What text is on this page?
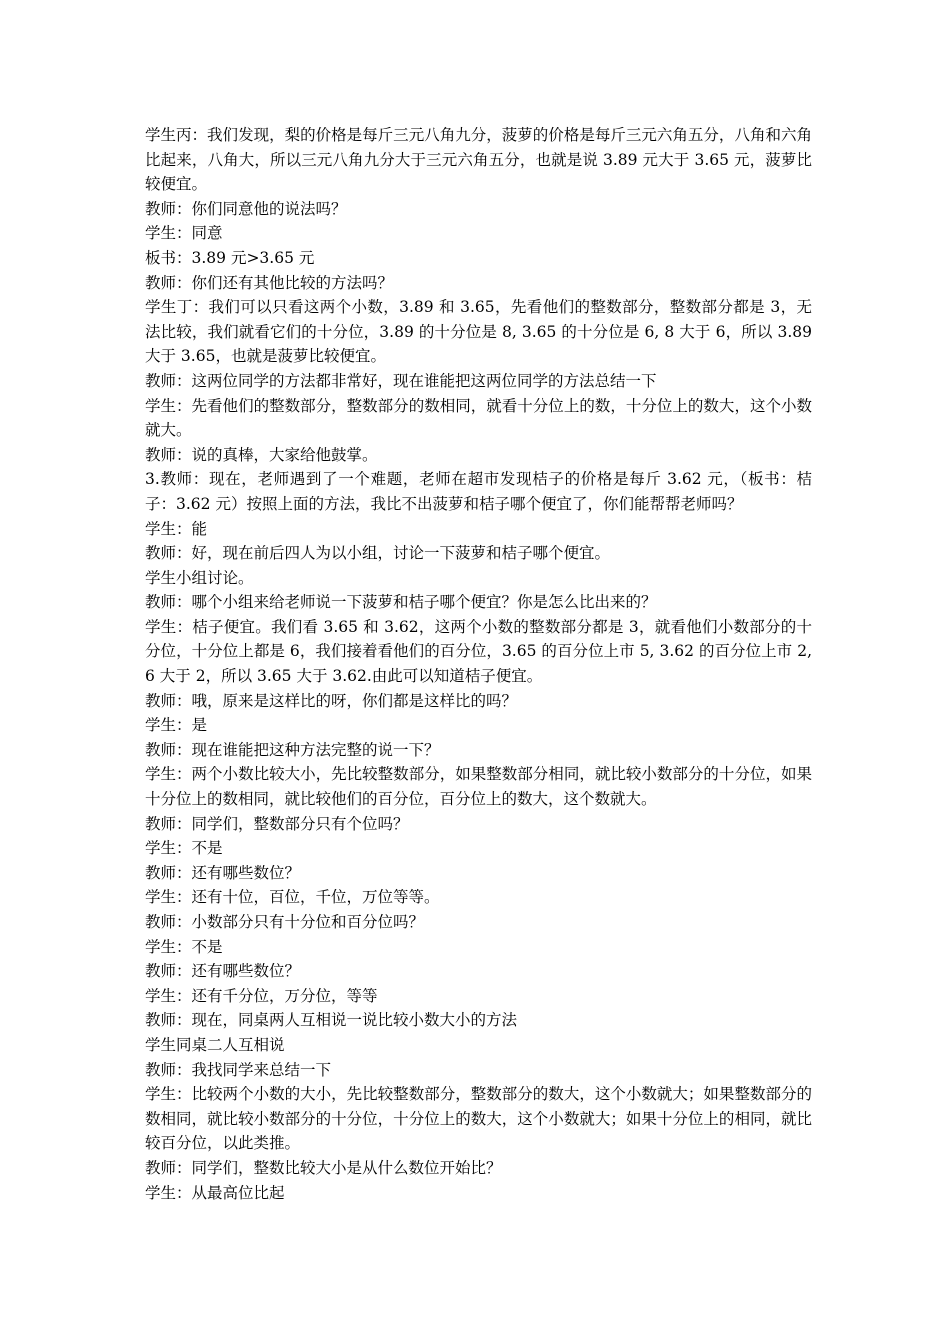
学生丙：我们发现，梨的价格是每斤三元八角九分，菠萝的价格是每斤三元六角五分，八角和六角比起来，八角大，所以三元八角九分大于三元六角五分，也就是说 3.89 元大于 3.65 元，菠萝比较便宜。

教师：你们同意他的说法吗？

学生：同意

板书：3.89 元>3.65 元

教师：你们还有其他比较的方法吗？

学生丁：我们可以只看这两个小数，3.89 和 3.65，先看他们的整数部分，整数部分都是 3，无法比较，我们就看它们的十分位，3.89 的十分位是 8, 3.65 的十分位是 6, 8 大于 6，所以 3.89 大于 3.65，也就是菠萝比较便宜。

教师：这两位同学的方法都非常好，现在谁能把这两位同学的方法总结一下

学生：先看他们的整数部分，整数部分的数相同，就看十分位上的数，十分位上的数大，这个小数就大。

教师：说的真棒，大家给他鼓掌。

3.教师：现在，老师遇到了一个难题，老师在超市发现桔子的价格是每斤 3.62 元，（板书：桔子：3.62 元）按照上面的方法，我比不出菠萝和桔子哪个便宜了，你们能帮帮老师吗？

学生：能

教师：好，现在前后四人为以小组，讨论一下菠萝和桔子哪个便宜。

学生小组讨论。

教师：哪个小组来给老师说一下菠萝和桔子哪个便宜？你是怎么比出来的？

学生：桔子便宜。我们看 3.65 和 3.62，这两个小数的整数部分都是 3，就看他们小数部分的十分位，十分位上都是 6，我们接着看他们的百分位，3.65 的百分位上市 5, 3.62 的百分位上市 2, 6 大于 2，所以 3.65 大于 3.62.由此可以知道桔子便宜。

教师：哦，原来是这样比的呀，你们都是这样比的吗？

学生：是

教师：现在谁能把这种方法完整的说一下？

学生：两个小数比较大小，先比较整数部分，如果整数部分相同，就比较小数部分的十分位，如果十分位上的数相同，就比较他们的百分位，百分位上的数大，这个数就大。

教师：同学们，整数部分只有个位吗？

学生：不是

教师：还有哪些数位？

学生：还有十位，百位，千位，万位等等。

教师：小数部分只有十分位和百分位吗？

学生：不是

教师：还有哪些数位？

学生：还有千分位，万分位，等等

教师：现在，同桌两人互相说一说比较小数大小的方法

学生同桌二人互相说

教师：我找同学来总结一下

学生：比较两个小数的大小，先比较整数部分，整数部分的数大，这个小数就大；如果整数部分的数相同，就比较小数部分的十分位，十分位上的数大，这个小数就大；如果十分位上的相同，就比较百分位，以此类推。

教师：同学们，整数比较大小是从什么数位开始比？

学生：从最高位比起
